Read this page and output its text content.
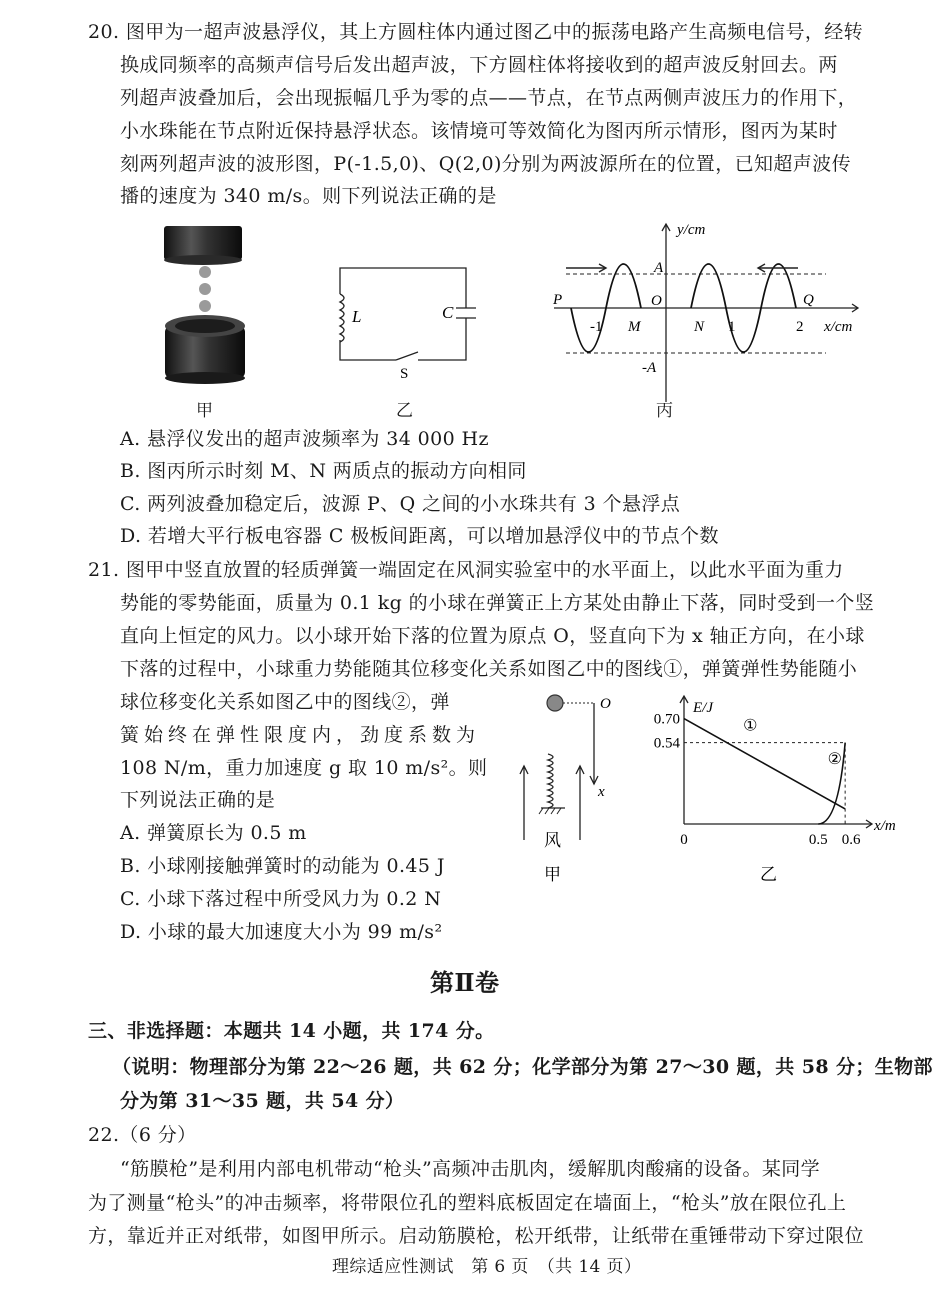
20. 图甲为一超声波悬浮仪，其上方圆柱体内通过图乙中的振荡电路产生高频电信号，经转
换成同频率的高频声信号后发出超声波，下方圆柱体将接收到的超声波反射回去。两
列超声波叠加后，会出现振幅几乎为零的点——节点，在节点两侧声波压力的作用下，
小水珠能在节点附近保持悬浮状态。该情境可等效简化为图丙所示情形，图丙为某时
刻两列超声波的波形图，P(-1.5,0)、Q(2,0)分别为两波源所在的位置，已知超声波传
播的速度为 340 m/s。则下列说法正确的是
甲
L	C
S
乙
y/cm
x/cm
A
-A
O
P	Q
M	N
-1	1	2
丙
A. 悬浮仪发出的超声波频率为 34 000 Hz
B. 图丙所示时刻 M、N 两质点的振动方向相同
C. 两列波叠加稳定后，波源 P、Q 之间的小水珠共有 3 个悬浮点
D. 若增大平行板电容器 C 极板间距离，可以增加悬浮仪中的节点个数
21. 图甲中竖直放置的轻质弹簧一端固定在风洞实验室中的水平面上，以此水平面为重力
势能的零势能面，质量为 0.1 kg 的小球在弹簧正上方某处由静止下落，同时受到一个竖
直向上恒定的风力。以小球开始下落的位置为原点 O，竖直向下为 x 轴正方向，在小球
下落的过程中，小球重力势能随其位移变化关系如图乙中的图线①，弹簧弹性势能随小
球位移变化关系如图乙中的图线②，弹
簧始终在弹性限度内，劲度系数为
108 N/m，重力加速度 g 取 10 m/s²。则
下列说法正确的是
A. 弹簧原长为 0.5 m
B. 小球刚接触弹簧时的动能为 0.45 J
C. 小球下落过程中所受风力为 0.2 N
D. 小球的最大加速度大小为 99 m/s²
O
x
风
甲
E/J
x/m
0.70
0.54
0	0.5 0.6
①
②
乙
第Ⅱ卷
三、非选择题：本题共 14 小题，共 174 分。
（说明：物理部分为第 22～26 题，共 62 分；化学部分为第 27～30 题，共 58 分；生物部
分为第 31～35 题，共 54 分）
22.（6 分）
“筋膜枪”是利用内部电机带动“枪头”高频冲击肌肉，缓解肌肉酸痛的设备。某同学
为了测量“枪头”的冲击频率，将带限位孔的塑料底板固定在墙面上，“枪头”放在限位孔上
方，靠近并正对纸带，如图甲所示。启动筋膜枪，松开纸带，让纸带在重锤带动下穿过限位
理综适应性测试　第 6 页　（共 14 页）
